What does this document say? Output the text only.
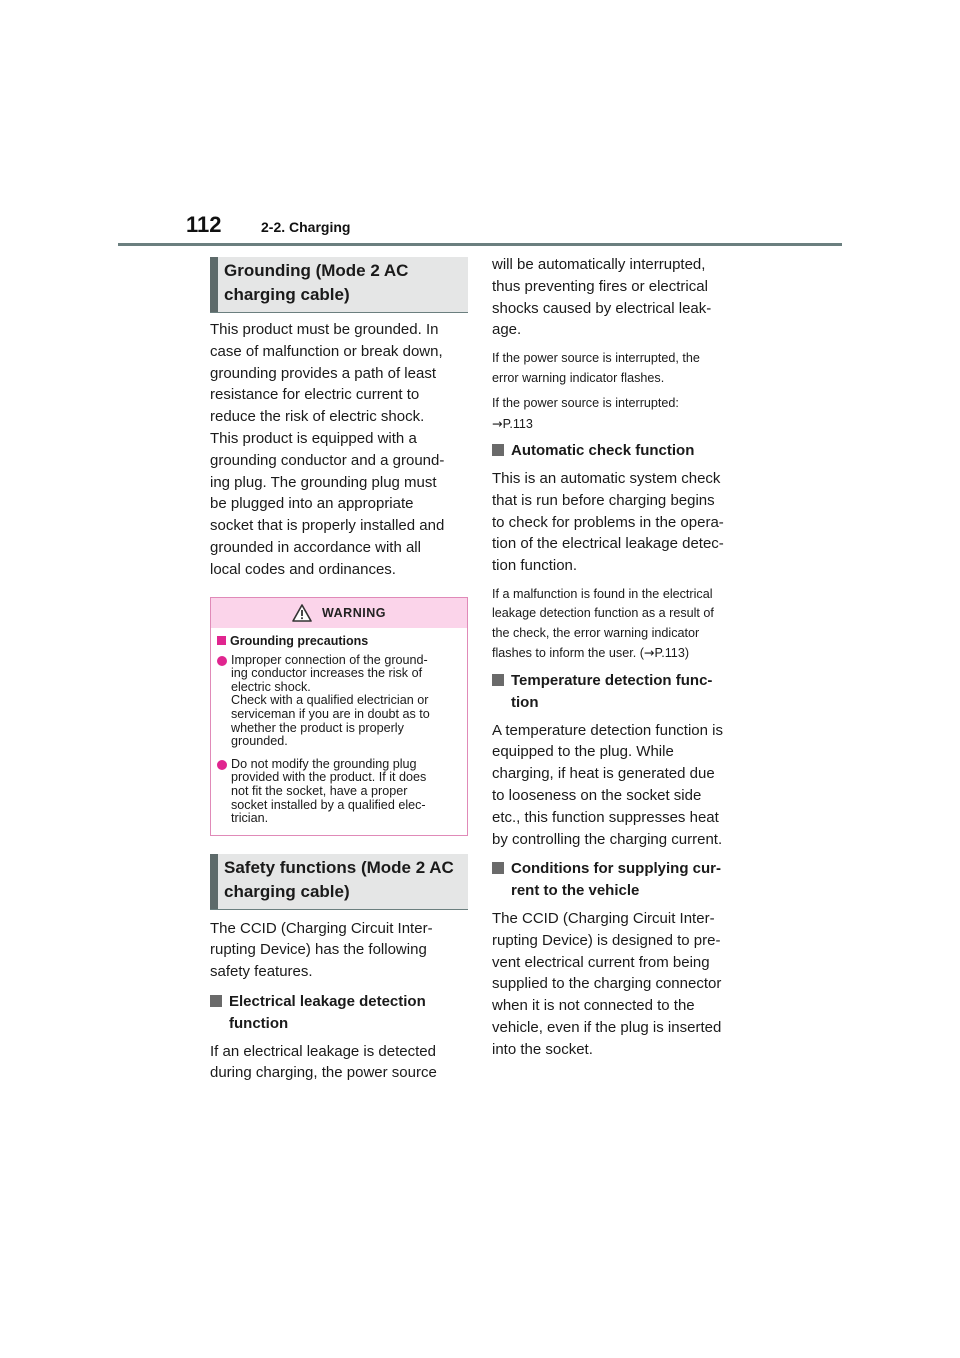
112	2-2. Charging
Grounding (Mode 2 AC
charging cable)
This product must be grounded. In
case of malfunction or break down,
grounding provides a path of least
resistance for electric current to
reduce the risk of electric shock.
This product is equipped with a
grounding conductor and a ground-
ing plug. The grounding plug must
be plugged into an appropriate
socket that is properly installed and
grounded in accordance with all
local codes and ordinances.
WARNING
Grounding precautions
Improper connection of the ground-
ing conductor increases the risk of
electric shock.
Check with a qualified electrician or
serviceman if you are in doubt as to
whether the product is properly
grounded.
Do not modify the grounding plug
provided with the product. If it does
not fit the socket, have a proper
socket installed by a qualified elec-
trician.
Safety functions (Mode 2 AC
charging cable)
The CCID (Charging Circuit Inter-
rupting Device) has the following
safety features.
Electrical leakage detection
function
If an electrical leakage is detected
during charging, the power source
will be automatically interrupted,
thus preventing fires or electrical
shocks caused by electrical leak-
age.
If the power source is interrupted, the
error warning indicator flashes.
If the power source is interrupted:
→P.113
Automatic check function
This is an automatic system check
that is run before charging begins
to check for problems in the opera-
tion of the electrical leakage detec-
tion function.
If a malfunction is found in the electrical
leakage detection function as a result of
the check, the error warning indicator
flashes to inform the user. (→P.113)
Temperature detection func-
tion
A temperature detection function is
equipped to the plug. While
charging, if heat is generated due
to looseness on the socket side
etc., this function suppresses heat
by controlling the charging current.
Conditions for supplying cur-
rent to the vehicle
The CCID (Charging Circuit Inter-
rupting Device) is designed to pre-
vent electrical current from being
supplied to the charging connector
when it is not connected to the
vehicle, even if the plug is inserted
into the socket.
